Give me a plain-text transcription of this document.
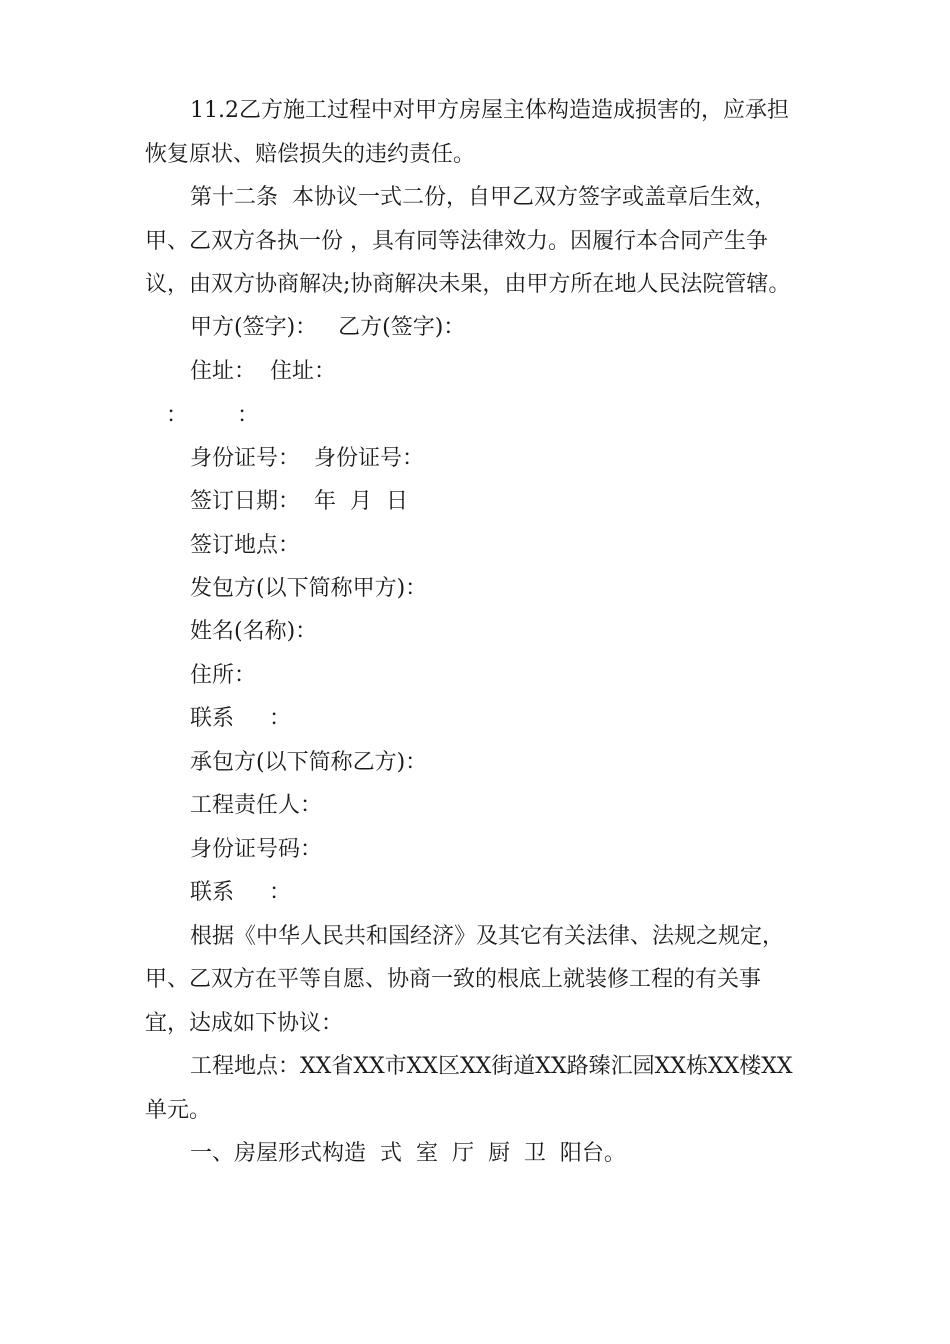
11.2乙方施工过程中对甲方房屋主体构造造成损害的，应承担
恢复原状、赔偿损失的违约责任。
第十二条  本协议一式二份，自甲乙双方签字或盖章后生效，
甲、乙双方各执一份 ，具有同等法律效力。因履行本合同产生争
议，由双方协商解决;协商解决未果，由甲方所在地人民法院管辖。
甲方(签字)：   乙方(签字)：
住址：  住址：
：       ：
身份证号：  身份证号：
签订日期：  年  月  日
签订地点：
发包方(以下简称甲方)：
姓名(名称)：
住所：
联系     ：
承包方(以下简称乙方)：
工程责任人：
身份证号码：
联系     ：
根据《中华人民共和国经济》及其它有关法律、法规之规定，
甲、乙双方在平等自愿、协商一致的根底上就装修工程的有关事
宜，达成如下协议：
工程地点：XX省XX市XX区XX街道XX路臻汇园XX栋XX楼XX
单元。
一、房屋形式构造  式  室  厅  厨  卫  阳台。
